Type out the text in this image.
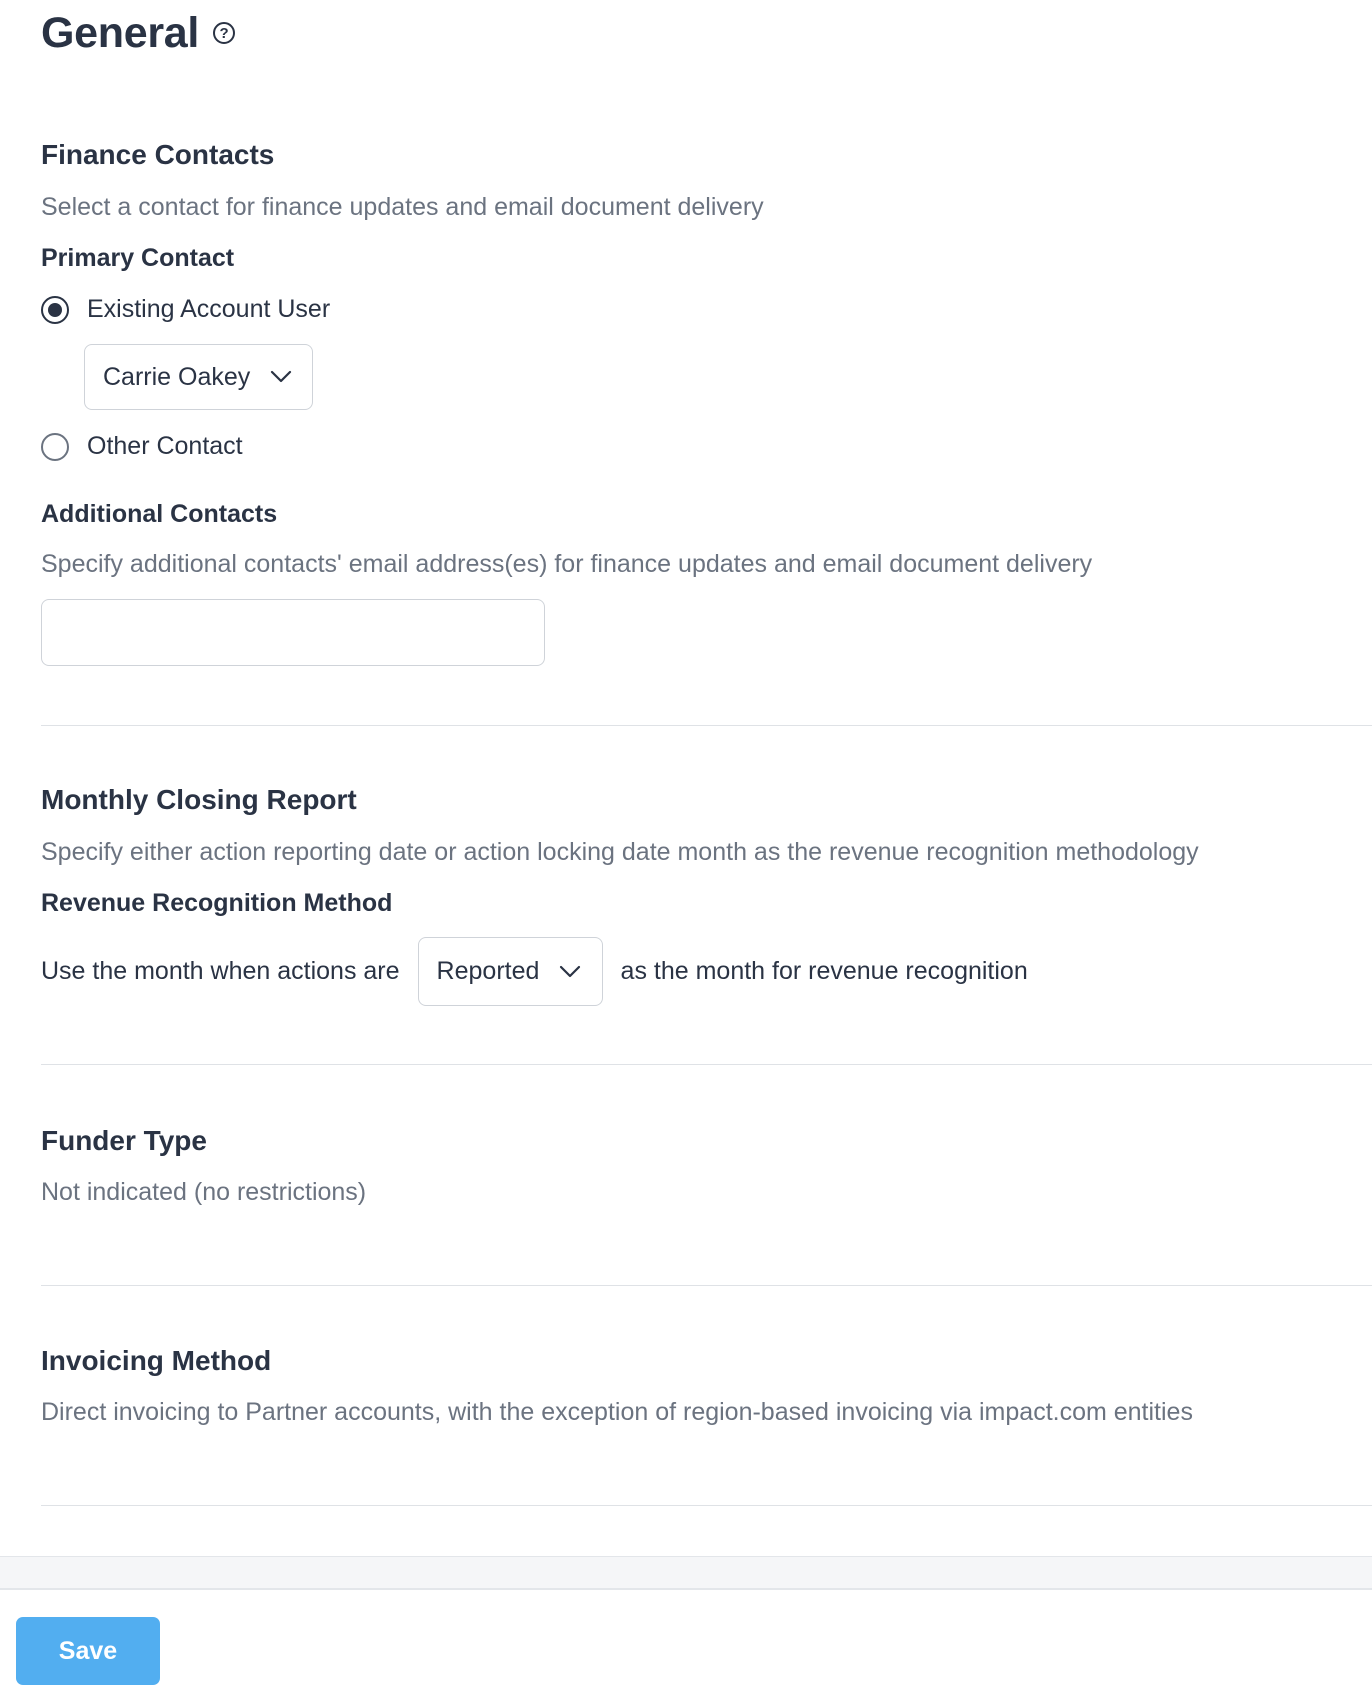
General	?
Finance Contacts
Select a contact for finance updates and email document delivery
Primary Contact
Existing Account User
Carrie Oakey
Other Contact
Additional Contacts
Specify additional contacts' email address(es) for finance updates and email document delivery
Monthly Closing Report
Specify either action reporting date or action locking date month as the revenue recognition methodology
Revenue Recognition Method
Use the month when actions are Reported	as the month for revenue recognition
Funder Type
Not indicated (no restrictions)
Invoicing Method
Direct invoicing to Partner accounts, with the exception of region-based invoicing via impact.com entities
Save
